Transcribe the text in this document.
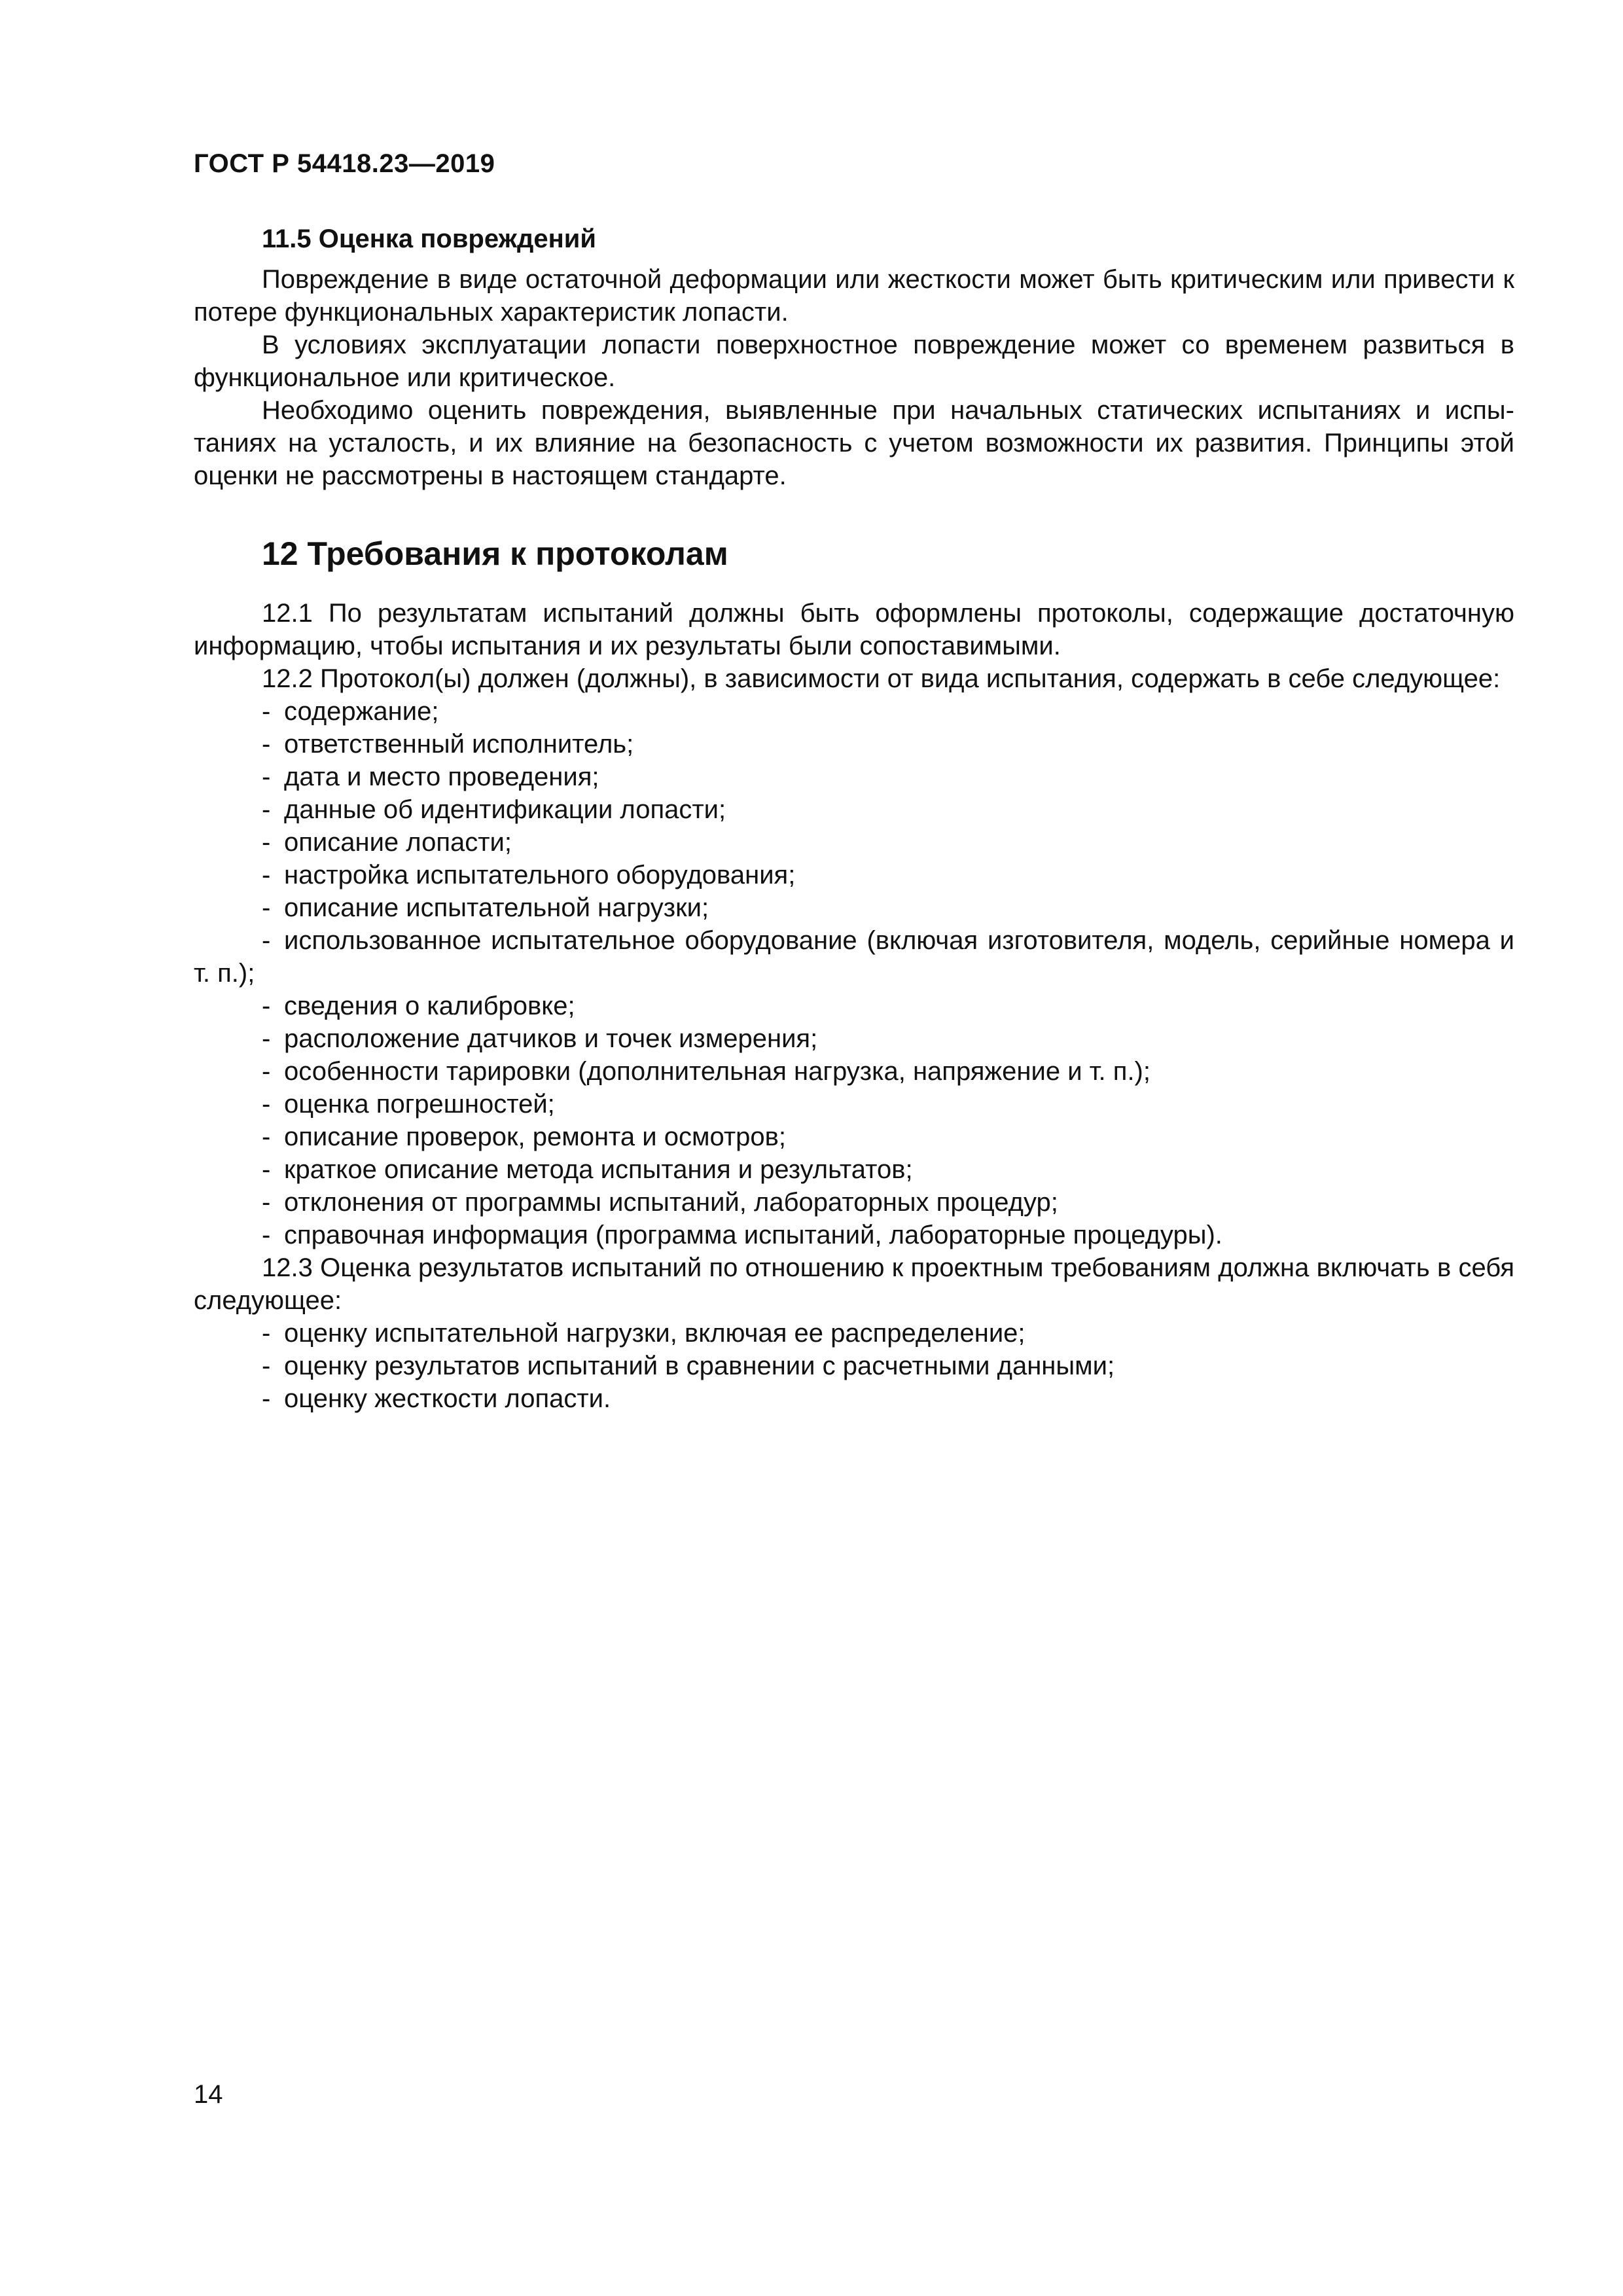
ГОСТ Р 54418.23—2019
11.5 Оценка повреждений

Повреждение в виде остаточной деформации или жесткости может быть критическим или привести к потере функциональных характеристик лопасти.

В условиях эксплуатации лопасти поверхностное повреждение может со временем развиться в функциональное или критическое.

Необходимо оценить повреждения, выявленные при начальных статических испытаниях и испытаниях на усталость, и их влияние на безопасность с учетом возможности их развития. Принципы этой оценки не рассмотрены в настоящем стандарте.

12 Требования к протоколам

12.1 По результатам испытаний должны быть оформлены протоколы, содержащие достаточную информацию, чтобы испытания и их результаты были сопоставимыми.

12.2 Протокол(ы) должен (должны), в зависимости от вида испытания, содержать в себе следующее:

- содержание;
- ответственный исполнитель;
- дата и место проведения;
- данные об идентификации лопасти;
- описание лопасти;
- настройка испытательного оборудования;
- описание испытательной нагрузки;
- использованное испытательное оборудование (включая изготовителя, модель, серийные номера и т. п.);
- сведения о калибровке;
- расположение датчиков и точек измерения;
- особенности тарировки (дополнительная нагрузка, напряжение и т. п.);
- оценка погрешностей;
- описание проверок, ремонта и осмотров;
- краткое описание метода испытания и результатов;
- отклонения от программы испытаний, лабораторных процедур;
- справочная информация (программа испытаний, лабораторные процедуры).

12.3 Оценка результатов испытаний по отношению к проектным требованиям должна включать в себя следующее:

- оценку испытательной нагрузки, включая ее распределение;
- оценку результатов испытаний в сравнении с расчетными данными;
- оценку жесткости лопасти.
14
